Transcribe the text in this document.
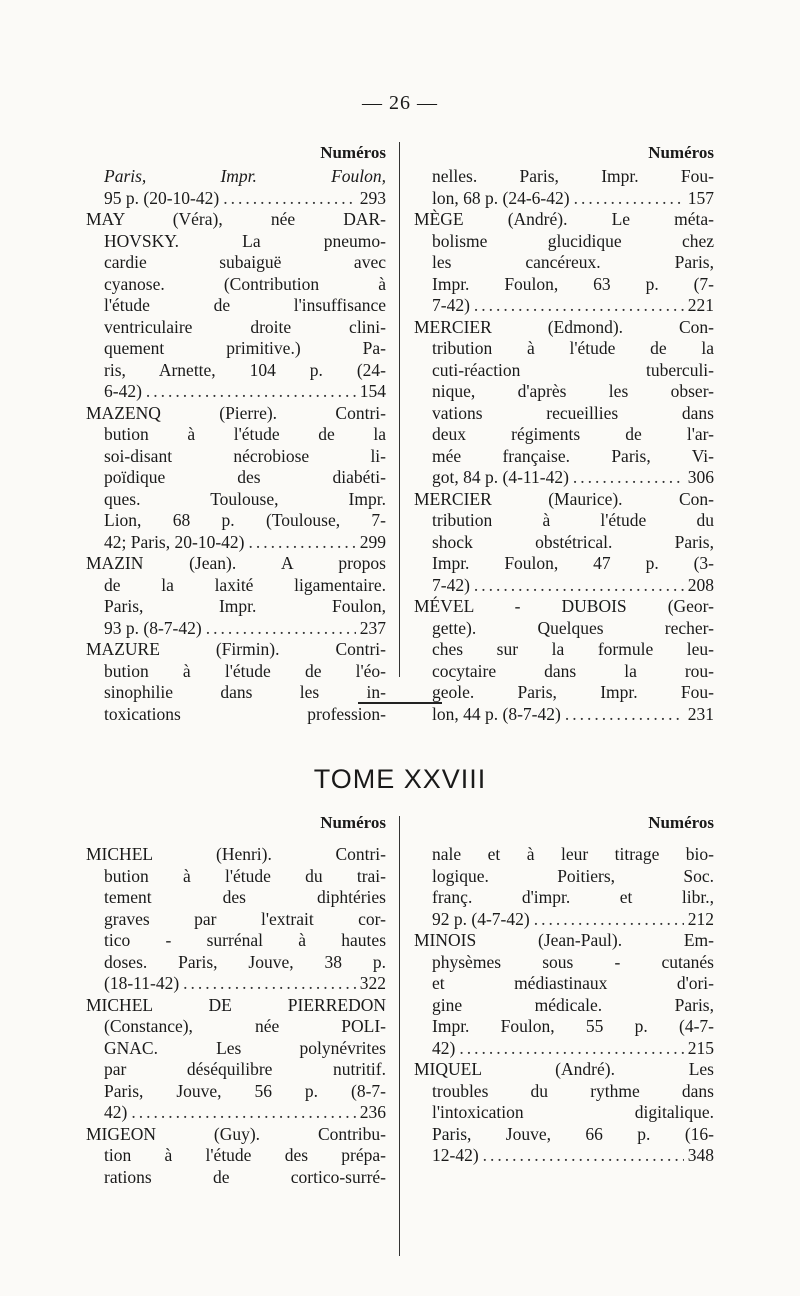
— 26 —
Numéros
Paris, Impr. Foulon,
95 p. (20-10-42) .....	293
MAY (Véra), née DAR-
HOVSKY. La pneumo-
cardie subaiguë avec
cyanose. (Contribution à
l'étude de l'insuffisance
ventriculaire droite clini-
quement primitive.) Pa-
ris, Arnette, 104 p. (24-
6-42) .....	154
MAZENQ (Pierre). Contri-
bution à l'étude de la
soi-disant nécrobiose li-
poïdique des diabéti-
ques. Toulouse, Impr.
Lion, 68 p. (Toulouse, 7-
42; Paris, 20-10-42) .....	299
MAZIN (Jean). A propos
de la laxité ligamentaire.
Paris, Impr. Foulon,
93 p. (8-7-42) .....	237
MAZURE (Firmin). Contri-
bution à l'étude de l'éo-
sinophilie dans les in-
toxications profession-
Numéros
nelles. Paris, Impr. Fou-
lon, 68 p. (24-6-42) .....	157
MÈGE (André). Le méta-
bolisme glucidique chez
les cancéreux. Paris,
Impr. Foulon, 63 p. (7-
7-42) .....	221
MERCIER (Edmond). Con-
tribution à l'étude de la
cuti-réaction tuberculi-
nique, d'après les obser-
vations recueillies dans
deux régiments de l'ar-
mée française. Paris, Vi-
got, 84 p. (4-11-42) .....	306
MERCIER (Maurice). Con-
tribution à l'étude du
shock obstétrical. Paris,
Impr. Foulon, 47 p. (3-
7-42) .....	208
MÉVEL - DUBOIS (Geor-
gette). Quelques recher-
ches sur la formule leu-
cocytaire dans la rou-
geole. Paris, Impr. Fou-
lon, 44 p. (8-7-42) .....	231
TOME XXVIII
Numéros
MICHEL (Henri). Contri-
bution à l'étude du trai-
tement des diphtéries
graves par l'extrait cor-
tico - surrénal à hautes
doses. Paris, Jouve, 38 p.
(18-11-42) .....	322
MICHEL DE PIERREDON
(Constance), née POLI-
GNAC. Les polynévrites
par déséquilibre nutritif.
Paris, Jouve, 56 p. (8-7-
42) .....	236
MIGEON (Guy). Contribu-
tion à l'étude des prépa-
rations de cortico-surré-
Numéros
nale et à leur titrage bio-
logique. Poitiers, Soc.
franç. d'impr. et libr.,
92 p. (4-7-42) .....	212
MINOIS (Jean-Paul). Em-
physèmes sous - cutanés
et médiastinaux d'ori-
gine médicale. Paris,
Impr. Foulon, 55 p. (4-7-
42) .....	215
MIQUEL (André). Les
troubles du rythme dans
l'intoxication digitalique.
Paris, Jouve, 66 p. (16-
12-42) .....	348
